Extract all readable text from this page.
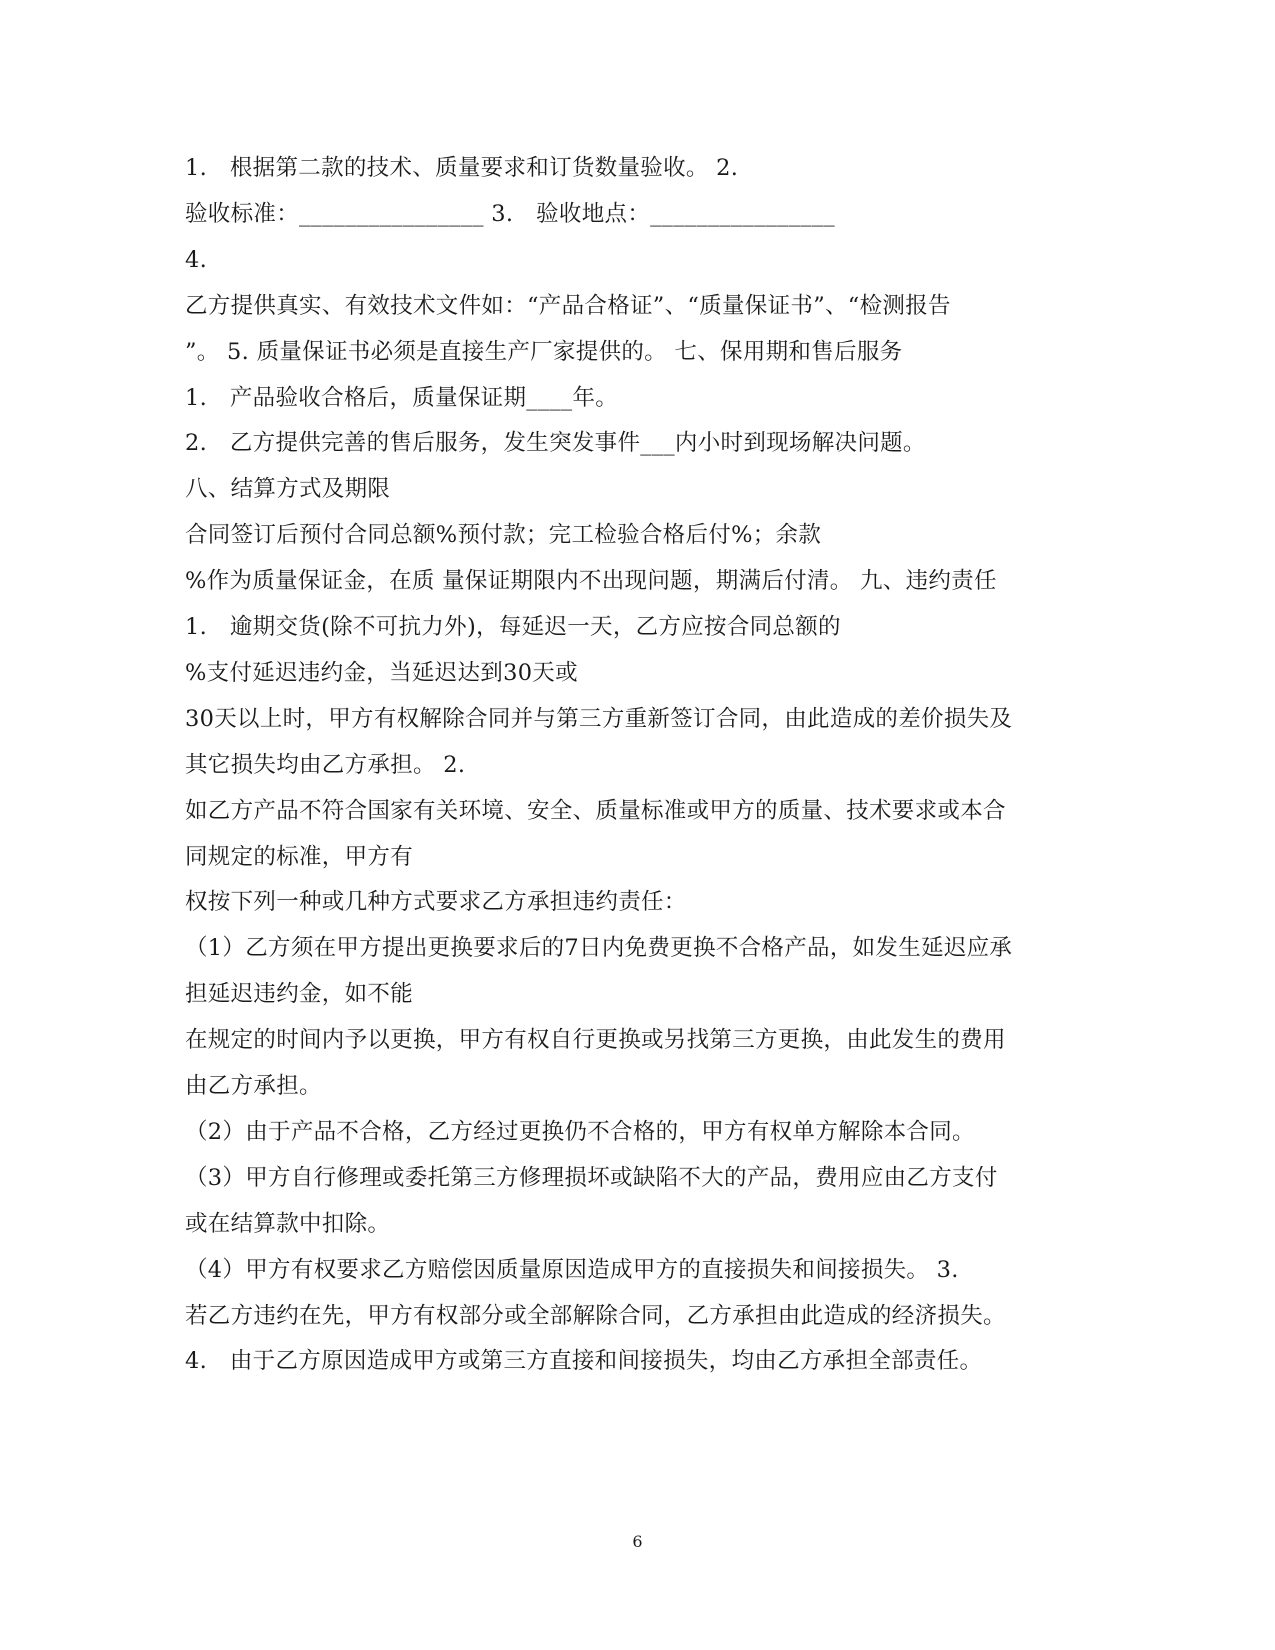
1.　根据第二款的技术、质量要求和订货数量验收。 2.
验收标准：________________ 3.　验收地点：________________
4.
乙方提供真实、有效技术文件如：“产品合格证”、“质量保证书”、“检测报告
”。 5. 质量保证书必须是直接生产厂家提供的。 七、保用期和售后服务
1.　产品验收合格后，质量保证期____年。
2.　乙方提供完善的售后服务，发生突发事件___内小时到现场解决问题。
八、结算方式及期限
合同签订后预付合同总额%预付款；完工检验合格后付%；余款
%作为质量保证金，在质 量保证期限内不出现问题，期满后付清。 九、违约责任
1.　逾期交货(除不可抗力外)，每延迟一天，乙方应按合同总额的
%支付延迟违约金，当延迟达到30天或
30天以上时，甲方有权解除合同并与第三方重新签订合同，由此造成的差价损失及
其它损失均由乙方承担。 2.
如乙方产品不符合国家有关环境、安全、质量标准或甲方的质量、技术要求或本合
同规定的标准，甲方有
权按下列一种或几种方式要求乙方承担违约责任：
（1）乙方须在甲方提出更换要求后的7日内免费更换不合格产品，如发生延迟应承
担延迟违约金，如不能
在规定的时间内予以更换，甲方有权自行更换或另找第三方更换，由此发生的费用
由乙方承担。
（2）由于产品不合格，乙方经过更换仍不合格的，甲方有权单方解除本合同。
（3）甲方自行修理或委托第三方修理损坏或缺陷不大的产品，费用应由乙方支付
或在结算款中扣除。
（4）甲方有权要求乙方赔偿因质量原因造成甲方的直接损失和间接损失。 3.
若乙方违约在先，甲方有权部分或全部解除合同，乙方承担由此造成的经济损失。
4.　由于乙方原因造成甲方或第三方直接和间接损失，均由乙方承担全部责任。
6
